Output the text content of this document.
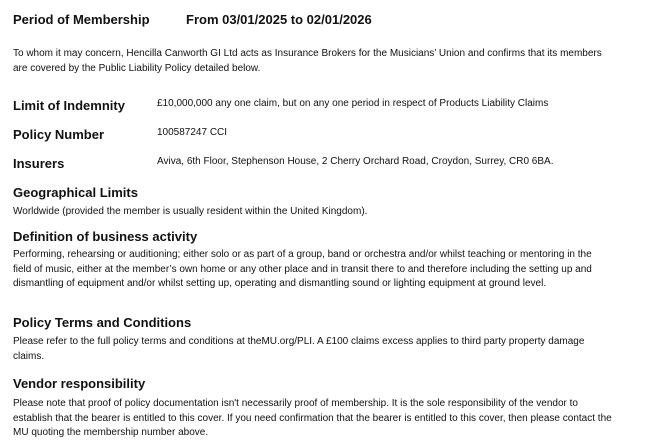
Period of Membership	From 03/01/2025 to 02/01/2026
To whom it may concern, Hencilla Canworth GI Ltd acts as Insurance Brokers for the Musicians’ Union and confirms that its members are covered by the Public Liability Policy detailed below.
Limit of Indemnity	£10,000,000 any one claim, but on any one period in respect of Products Liability Claims
Policy Number	100587247 CCI
Insurers	Aviva, 6th Floor, Stephenson House, 2 Cherry Orchard Road, Croydon, Surrey, CR0 6BA.
Geographical Limits
Worldwide (provided the member is usually resident within the United Kingdom).
Definition of business activity
Performing, rehearsing or auditioning; either solo or as part of a group, band or orchestra and/or whilst teaching or mentoring in the field of music, either at the member’s own home or any other place and in transit there to and therefore including the setting up and dismantling of equipment and/or whilst setting up, operating and dismantling sound or lighting equipment at ground level.
Policy Terms and Conditions
Please refer to the full policy terms and conditions at theMU.org/PLI. A £100 claims excess applies to third party property damage claims.
Vendor responsibility
Please note that proof of policy documentation isn't necessarily proof of membership. It is the sole responsibility of the vendor to establish that the bearer is entitled to this cover. If you need confirmation that the bearer is entitled to this cover, then please contact the MU quoting the membership number above.
